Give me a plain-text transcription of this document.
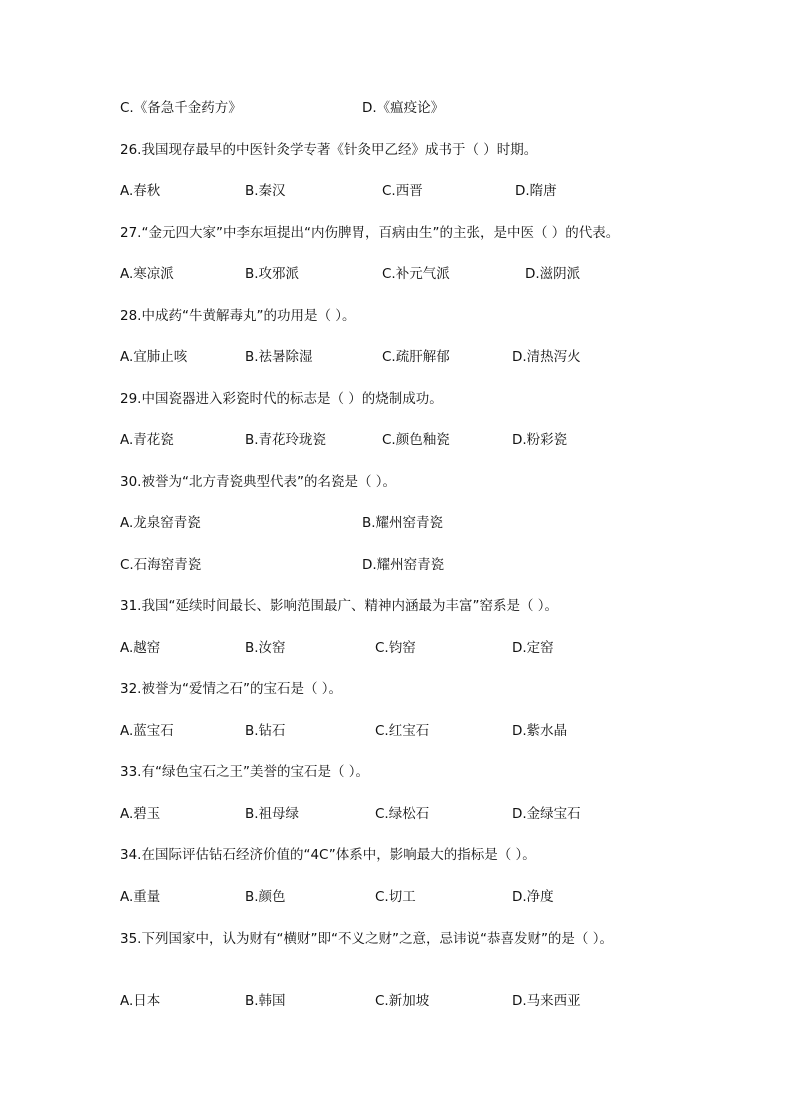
C.《备急千金药方》	D.《瘟疫论》
26.我国现存最早的中医针灸学专著《针灸甲乙经》成书于（ ）时期。
A.春秋	B.秦汉	C.西晋	D.隋唐
27.“金元四大家”中李东垣提出“内伤脾胃，百病由生”的主张，是中医（ ）的代表。
A.寒凉派	B.攻邪派	C.补元气派	D.滋阴派
28.中成药“牛黄解毒丸”的功用是（ ）。
A.宜肺止咳	B.祛暑除湿	C.疏肝解郁	D.清热泻火
29.中国瓷器进入彩瓷时代的标志是（ ）的烧制成功。
A.青花瓷	B.青花玲珑瓷	C.颜色釉瓷	D.粉彩瓷
30.被誉为“北方青瓷典型代表”的名瓷是（ ）。
A.龙泉窑青瓷	B.耀州窑青瓷
C.石海窑青瓷	D.耀州窑青瓷
31.我国“延续时间最长、影响范围最广、精神内涵最为丰富”窑系是（ ）。
A.越窑	B.汝窑	C.钧窑	D.定窑
32.被誉为“爱情之石”的宝石是（ ）。
A.蓝宝石	B.钻石	C.红宝石	D.紫水晶
33.有“绿色宝石之王”美誉的宝石是（ ）。
A.碧玉	B.祖母绿	C.绿松石	D.金绿宝石
34.在国际评估钻石经济价值的“4C”体系中，影响最大的指标是（ ）。
A.重量	B.颜色	C.切工	D.净度
35.下列国家中，认为财有“横财”即“不义之财”之意，忌讳说“恭喜发财”的是（ ）。
A.日本	B.韩国	C.新加坡	D.马来西亚
